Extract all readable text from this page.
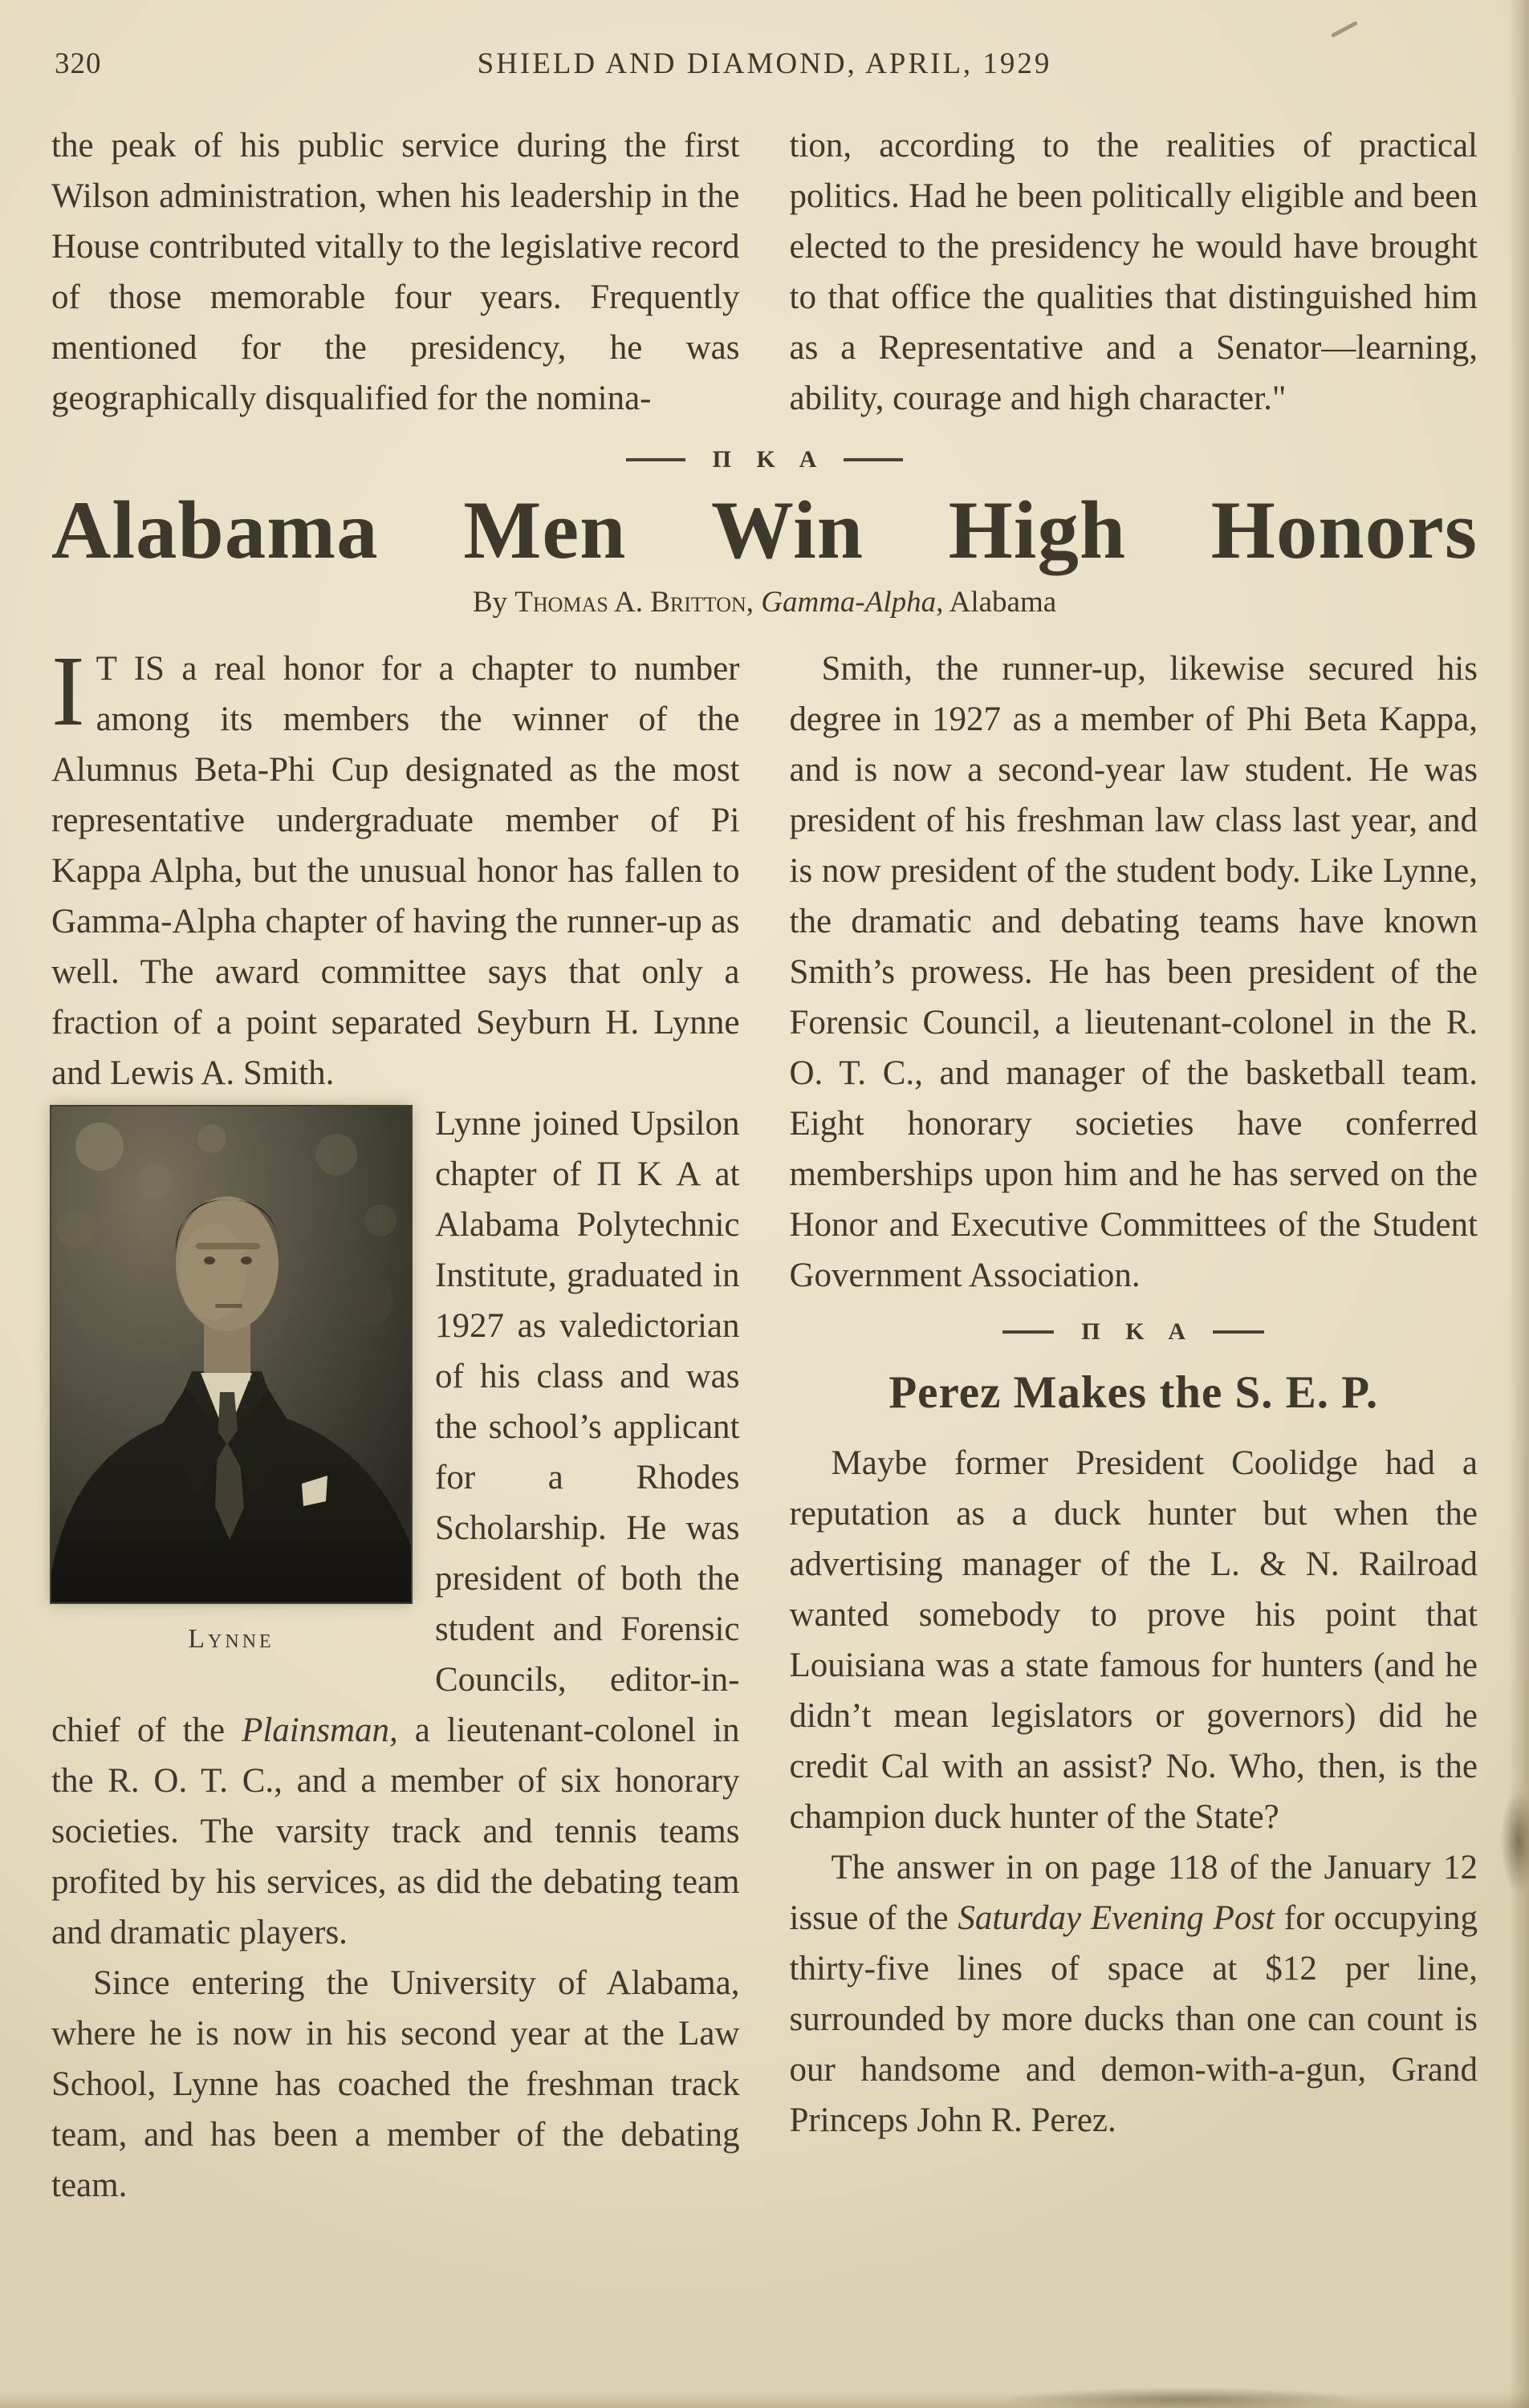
320	SHIELD AND DIAMOND, APRIL, 1929

the peak of his public service during the first Wilson administration, when his leadership in the House contributed vitally to the legislative record of those memorable four years. Frequently mentioned for the presidency, he was geographically disqualified for the nomina-

tion, according to the realities of practical politics. Had he been politically eligible and been elected to the presidency he would have brought to that office the qualities that distinguished him as a Representative and a Senator—learning, ability, courage and high character."

Π K A
Alabama Men Win High Honors

By Thomas A. Britton, Gamma-Alpha, Alabama

I T IS a real honor for a chapter to number among its members the winner of the Alumnus Beta-Phi Cup designated as the most representative undergraduate member of Pi Kappa Alpha, but the unusual honor has fallen to Gamma-Alpha chapter of having the runner-up as well. The award committee says that only a fraction of a point separated Seyburn H. Lynne and Lewis A. Smith.

Lynne
Lynne joined Upsilon chapter of Π K A at Alabama Polytechnic Institute, graduated in 1927 as valedictorian of his class and was the school’s applicant for a Rhodes Scholarship. He was president of both the student and Forensic Councils, editor-in-chief of the Plainsman, a lieutenant-colonel in the R. O. T. C., and a member of six honorary societies. The varsity track and tennis teams profited by his services, as did the debating team and dramatic players.

Since entering the University of Alabama, where he is now in his second year at the Law School, Lynne has coached the freshman track team, and has been a member of the debating team.

Smith, the runner-up, likewise secured his degree in 1927 as a member of Phi Beta Kappa, and is now a second-year law student. He was president of his freshman law class last year, and is now president of the student body. Like Lynne, the dramatic and debating teams have known Smith’s prowess. He has been president of the Forensic Council, a lieutenant-colonel in the R. O. T. C., and manager of the basketball team. Eight honorary societies have conferred memberships upon him and he has served on the Honor and Executive Committees of the Student Government Association.

Π K A
Perez Makes the S. E. P.

Maybe former President Coolidge had a reputation as a duck hunter but when the advertising manager of the L. & N. Railroad wanted somebody to prove his point that Louisiana was a state famous for hunters (and he didn’t mean legislators or governors) did he credit Cal with an assist? No. Who, then, is the champion duck hunter of the State?

The answer in on page 118 of the January 12 issue of the Saturday Evening Post for occupying thirty-five lines of space at $12 per line, surrounded by more ducks than one can count is our handsome and demon-with-a-gun, Grand Princeps John R. Perez.
